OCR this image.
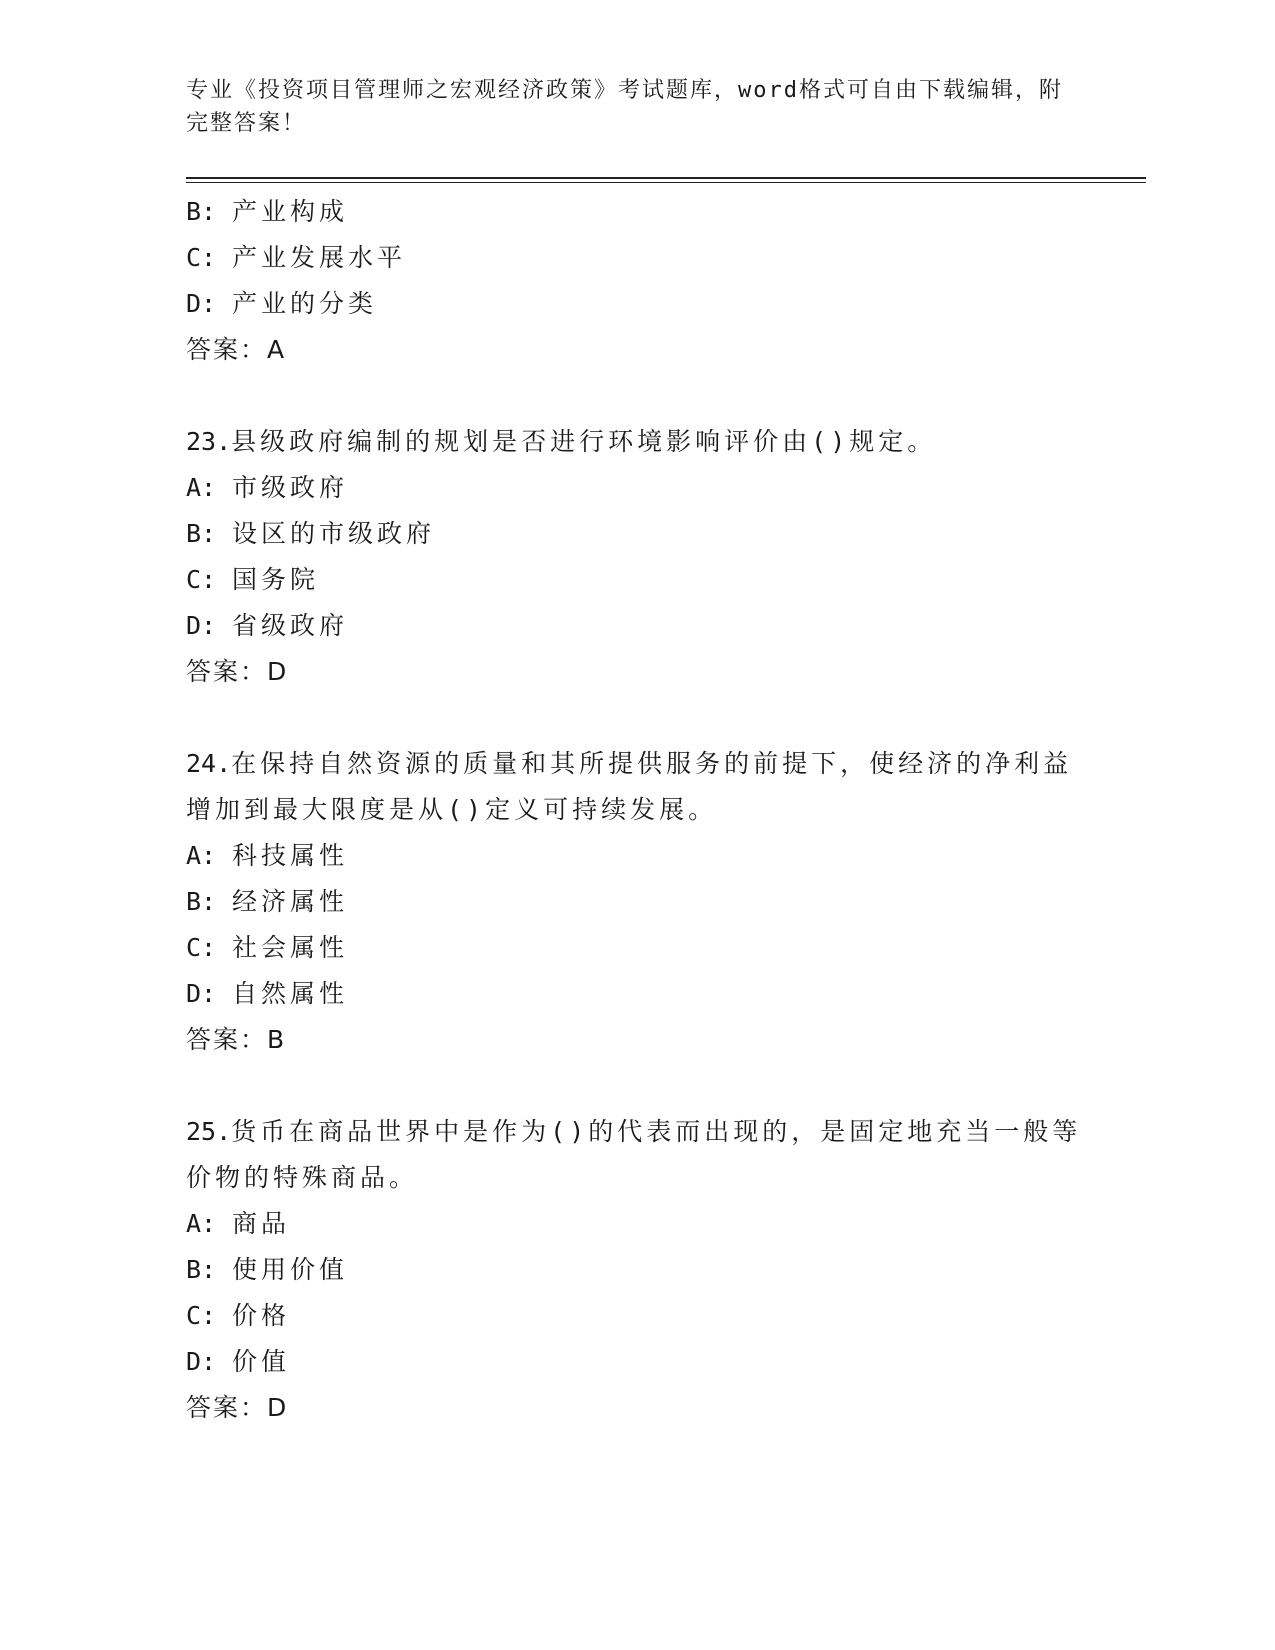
专业《投资项目管理师之宏观经济政策》考试题库，word格式可自由下载编辑，附完整答案！
B: 产业构成
C: 产业发展水平
D: 产业的分类
答案：A
23.县级政府编制的规划是否进行环境影响评价由()规定。
A: 市级政府
B: 设区的市级政府
C: 国务院
D: 省级政府
答案：D
24.在保持自然资源的质量和其所提供服务的前提下，使经济的净利益
增加到最大限度是从()定义可持续发展。
A: 科技属性
B: 经济属性
C: 社会属性
D: 自然属性
答案：B
25.货币在商品世界中是作为()的代表而出现的，是固定地充当一般等
价物的特殊商品。
A: 商品
B: 使用价值
C: 价格
D: 价值
答案：D
